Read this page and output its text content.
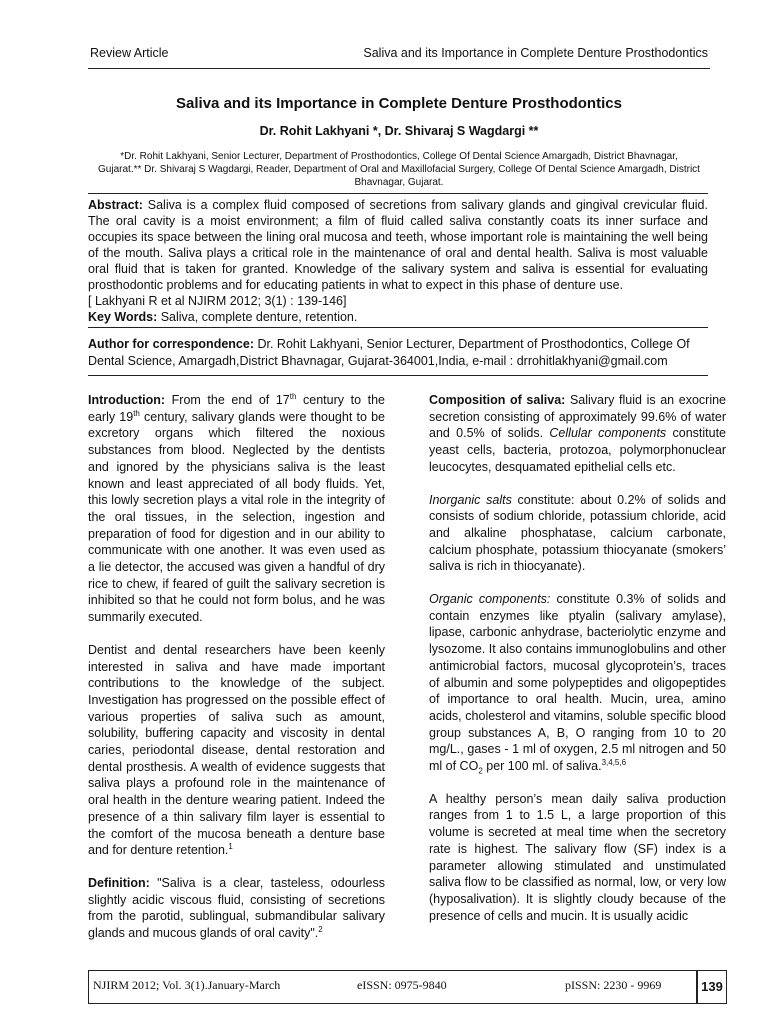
Review Article	Saliva and its Importance in Complete Denture Prosthodontics
Saliva and its Importance in Complete Denture Prosthodontics
Dr. Rohit Lakhyani *, Dr. Shivaraj S Wagdargi **
*Dr. Rohit Lakhyani, Senior Lecturer, Department of Prosthodontics, College Of Dental Science Amargadh, District Bhavnagar,
Gujarat.** Dr. Shivaraj S Wagdargi, Reader, Department of Oral and Maxillofacial Surgery, College Of Dental Science Amargadh, District
Bhavnagar, Gujarat.

Abstract: Saliva is a complex fluid composed of secretions from salivary glands and gingival crevicular fluid. The oral cavity is a moist environment; a film of fluid called saliva constantly coats its inner surface and occupies its space between the lining oral mucosa and teeth, whose important role is maintaining the well being of the mouth. Saliva plays a critical role in the maintenance of oral and dental health. Saliva is most valuable oral fluid that is taken for granted. Knowledge of the salivary system and saliva is essential for evaluating prosthodontic problems and for educating patients in what to expect in this phase of denture use.

[ Lakhyani R et al NJIRM 2012; 3(1) : 139-146]

Key Words: Saliva, complete denture, retention.

Author for correspondence: Dr. Rohit Lakhyani, Senior Lecturer, Department of Prosthodontics, College Of Dental Science, Amargadh,District Bhavnagar, Gujarat-364001,India, e-mail : drrohitlakhyani@gmail.com

Introduction: From the end of 17th century to the early 19th century, salivary glands were thought to be excretory organs which filtered the noxious substances from blood. Neglected by the dentists and ignored by the physicians saliva is the least known and least appreciated of all body fluids. Yet, this lowly secretion plays a vital role in the integrity of the oral tissues, in the selection, ingestion and preparation of food for digestion and in our ability to communicate with one another. It was even used as a lie detector, the accused was given a handful of dry rice to chew, if feared of guilt the salivary secretion is inhibited so that he could not form bolus, and he was summarily executed.

Dentist and dental researchers have been keenly interested in saliva and have made important contributions to the knowledge of the subject. Investigation has progressed on the possible effect of various properties of saliva such as amount, solubility, buffering capacity and viscosity in dental caries, periodontal disease, dental restoration and dental prosthesis. A wealth of evidence suggests that saliva plays a profound role in the maintenance of oral health in the denture wearing patient. Indeed the presence of a thin salivary film layer is essential to the comfort of the mucosa beneath a denture base and for denture retention.$^1$

Definition: "Saliva is a clear, tasteless, odourless slightly acidic viscous fluid, consisting of secretions from the parotid, sublingual, submandibular salivary glands and mucous glands of oral cavity".$^2$

Composition of saliva: Salivary fluid is an exocrine secretion consisting of approximately 99.6% of water and 0.5% of solids. Cellular components constitute yeast cells, bacteria, protozoa, polymorphonuclear leucocytes, desquamated epithelial cells etc.

Inorganic salts constitute: about 0.2% of solids and consists of sodium chloride, potassium chloride, acid and alkaline phosphatase, calcium carbonate, calcium phosphate, potassium thiocyanate (smokers’ saliva is rich in thiocyanate).

Organic components: constitute 0.3% of solids and contain enzymes like ptyalin (salivary amylase), lipase, carbonic anhydrase, bacteriolytic enzyme and lysozome. It also contains immunoglobulins and other antimicrobial factors, mucosal glycoprotein’s, traces of albumin and some polypeptides and oligopeptides of importance to oral health. Mucin, urea, amino acids, cholesterol and vitamins, soluble specific blood group substances A, B, O ranging from 10 to 20 mg/L., gases - 1 ml of oxygen, 2.5 ml nitrogen and 50 ml of $CO_2$ per 100 ml. of saliva.$^{3,4,5,6}$

A healthy person’s mean daily saliva production ranges from 1 to 1.5 L, a large proportion of this volume is secreted at meal time when the secretory rate is highest. The salivary flow (SF) index is a parameter allowing stimulated and unstimulated saliva flow to be classified as normal, low, or very low (hyposalivation). It is slightly cloudy because of the presence of cells and mucin. It is usually acidic

NJIRM 2012; Vol. 3(1).January-March	eISSN: 0975-9840	pISSN: 2230 - 9969	139
